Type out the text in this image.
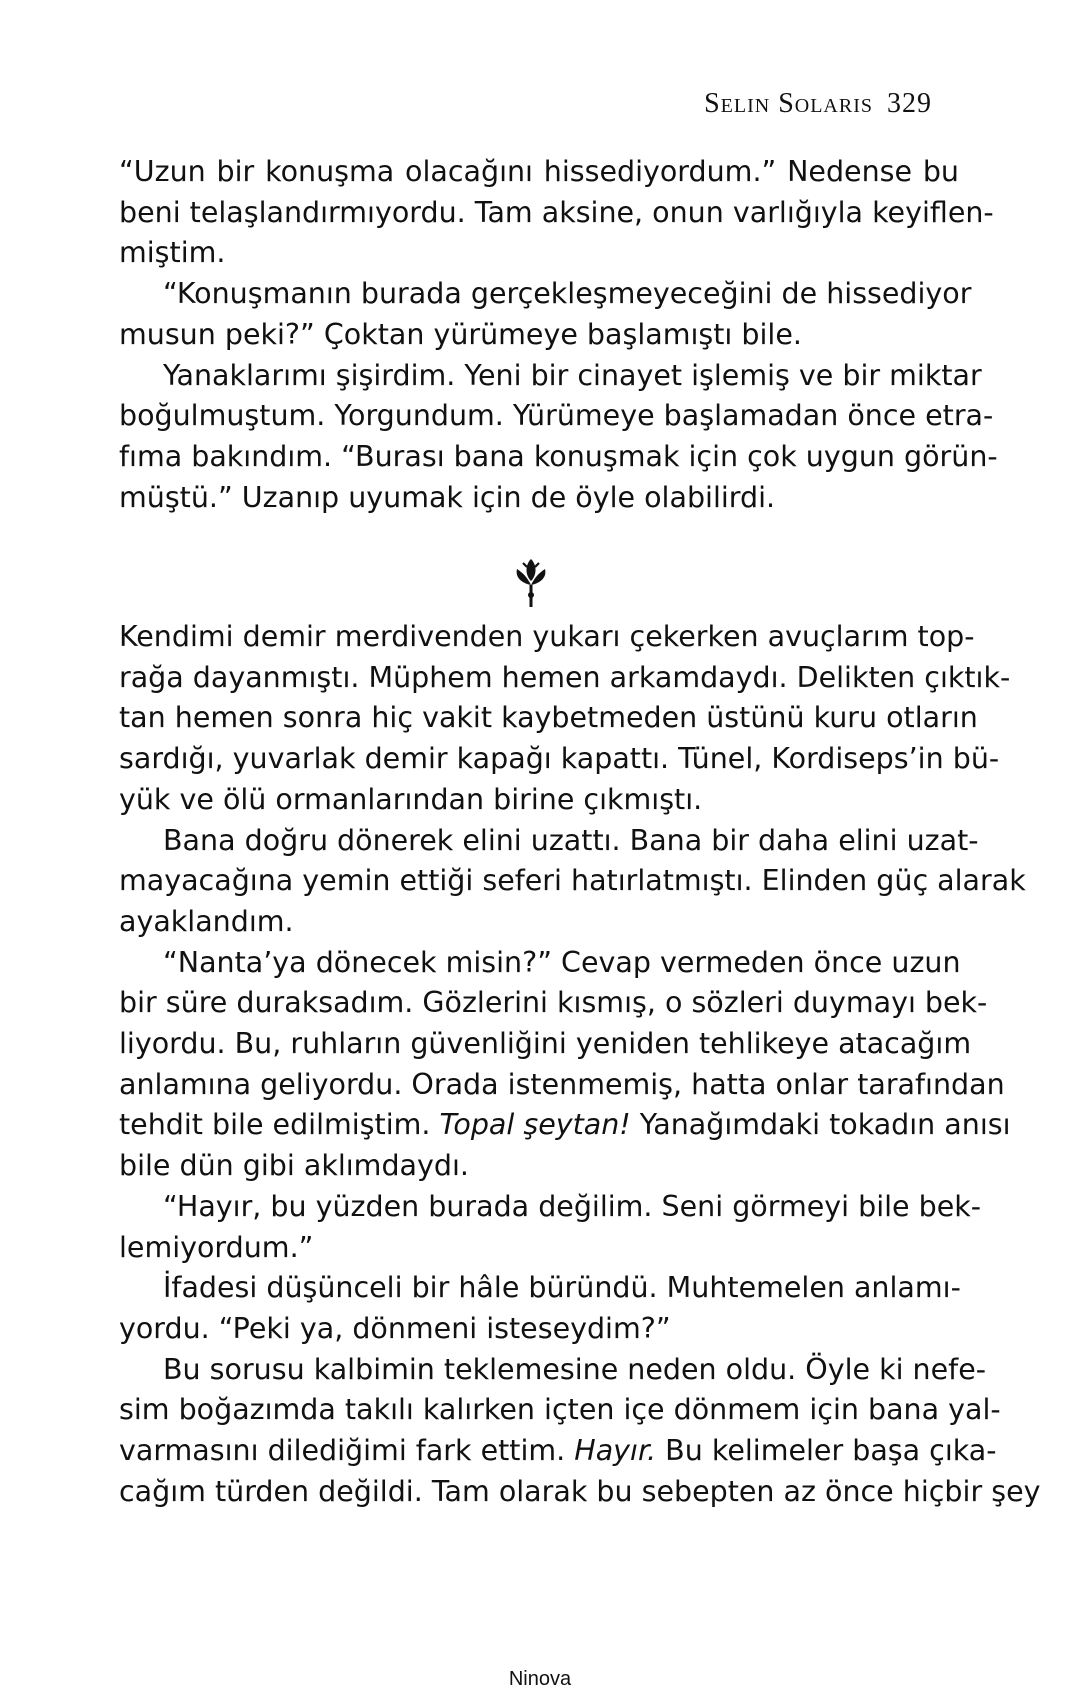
Selin Solaris 329
“Uzun bir konuşma olacağını hissediyordum.” Nedense bu
beni telaşlandırmıyordu. Tam aksine, onun varlığıyla keyiflen-
miştim.
“Konuşmanın burada gerçekleşmeyeceğini de hissediyor
musun peki?” Çoktan yürümeye başlamıştı bile.
Yanaklarımı şişirdim. Yeni bir cinayet işlemiş ve bir miktar
boğulmuştum. Yorgundum. Yürümeye başlamadan önce etra-
fıma bakındım. “Burası bana konuşmak için çok uygun görün-
müştü.” Uzanıp uyumak için de öyle olabilirdi.
Kendimi demir merdivenden yukarı çekerken avuçlarım top-
rağa dayanmıştı. Müphem hemen arkamdaydı. Delikten çıktık-
tan hemen sonra hiç vakit kaybetmeden üstünü kuru otların
sardığı, yuvarlak demir kapağı kapattı. Tünel, Kordiseps’in bü-
yük ve ölü ormanlarından birine çıkmıştı.
Bana doğru dönerek elini uzattı. Bana bir daha elini uzat-
mayacağına yemin ettiği seferi hatırlatmıştı. Elinden güç alarak
ayaklandım.
“Nanta’ya dönecek misin?” Cevap vermeden önce uzun
bir süre duraksadım. Gözlerini kısmış, o sözleri duymayı bek-
liyordu. Bu, ruhların güvenliğini yeniden tehlikeye atacağım
anlamına geliyordu. Orada istenmemiş, hatta onlar tarafından
tehdit bile edilmiştim. Topal şeytan! Yanağımdaki tokadın anısı
bile dün gibi aklımdaydı.
“Hayır, bu yüzden burada değilim. Seni görmeyi bile bek-
lemiyordum.”
İfadesi düşünceli bir hâle büründü. Muhtemelen anlamı-
yordu. “Peki ya, dönmeni isteseydim?”
Bu sorusu kalbimin teklemesine neden oldu. Öyle ki nefe-
sim boğazımda takılı kalırken içten içe dönmem için bana yal-
varmasını dilediğimi fark ettim. Hayır. Bu kelimeler başa çıka-
cağım türden değildi. Tam olarak bu sebepten az önce hiçbir şey
Ninova
